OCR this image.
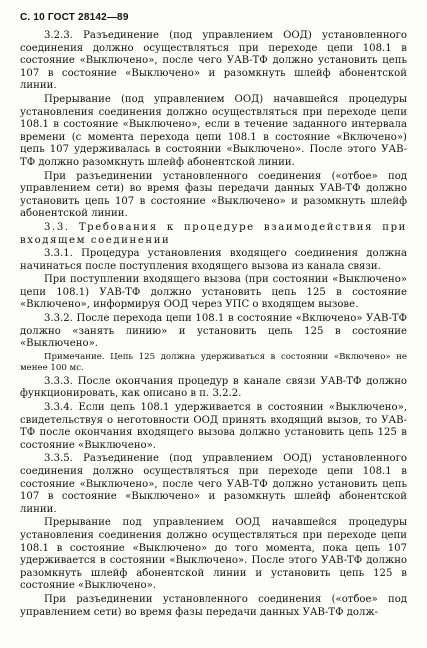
С. 10 ГОСТ 28142—89

3.2.3. Разъединение (под управлением ООД) установленного соединения должно осуществляться при переходе цепи 108.1 в состояние «Выключено», после чего УАВ-ТФ должно установить цепь 107 в состояние «Выключено» и разомкнуть шлейф абонентской линии.

Прерывание (под управлением ООД) начавшейся процедуры установления соединения должно осуществляться при переходе цепи 108.1 в состояние «Выключено», если в течение заданного интервала времени (с момента перехода цепи 108.1 в состояние «Включено») цепь 107 удерживалась в состоянии «Выключено». После этого УАВ-ТФ должно разомкнуть шлейф абонентской линии.

При разъединении установленного соединения («отбое» под управлением сети) во время фазы передачи данных УАВ-ТФ должно установить цепь 107 в состояние «Выключено» и разомкнуть шлейф абонентской линии.

3.3. Требования к процедуре взаимодействия при входящем соединении

3.3.1. Процедура установления входящего соединения должна начинаться после поступления входящего вызова из канала связи.

При поступлении входящего вызова (при состоянии «Выключено» цепи 108.1) УАВ-ТФ должно установить цепь 125 в состояние «Включено», информируя ООД через УПС о входящем вызове.

3.3.2. После перехода цепи 108.1 в состояние «Включено» УАВ-ТФ должно «занять линию» и установить цепь 125 в состояние «Выключено».

Примечание. Цепь 125 должна удерживаться в состоянии «Включено» не менее 100 мс.

3.3.3. После окончания процедур в канале связи УАВ-ТФ должно функционировать, как описано в п. 3.2.2.

3.3.4. Если цепь 108.1 удерживается в состоянии «Выключено», свидетельствуя о неготовности ООД принять входящий вызов, то УАВ-ТФ после окончания входящего вызова должно установить цепь 125 в состояние «Выключено».

3.3.5. Разъединение (под управлением ООД) установленного соединения должно осуществляться при переходе цепи 108.1 в состояние «Выключено», после чего УАВ-ТФ должно установить цепь 107 в состояние «Выключено» и разомкнуть шлейф абонентской линии.

Прерывание под управлением ООД начавшейся процедуры установления соединения должно осуществляться при переходе цепи 108.1 в состояние «Выключено» до того момента, пока цепь 107 удерживается в состоянии «Выключено». После этого УАВ-ТФ должно разомкнуть шлейф абонентской линии и установить цепь 125 в состояние «Выключено».

При разъединении установленного соединения («отбое» под управлением сети) во время фазы передачи данных УАВ-ТФ долж-
